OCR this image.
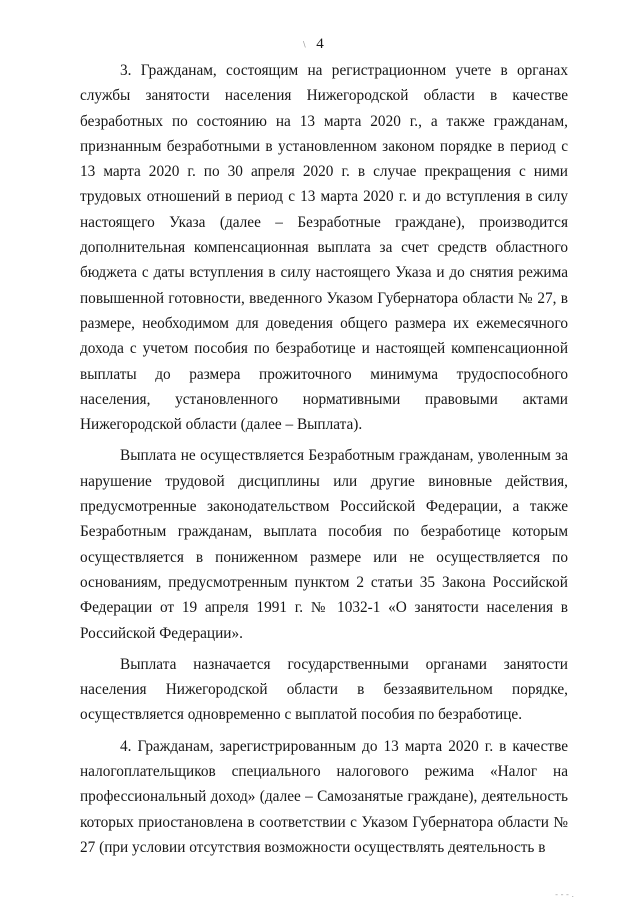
\ 4

3. Гражданам, состоящим на регистрационном учете в органах службы занятости населения Нижегородской области в качестве безработных по состоянию на 13 марта 2020 г., а также гражданам, признанным безработными в установленном законом порядке в период с 13 марта 2020 г. по 30 апреля 2020 г. в случае прекращения с ними трудовых отношений в период с 13 марта 2020 г. и до вступления в силу настоящего Указа (далее – Безработные граждане), производится дополнительная компенсационная выплата за счет средств областного бюджета с даты вступления в силу настоящего Указа и до снятия режима повышенной готовности, введенного Указом Губернатора области № 27, в размере, необходимом для доведения общего размера их ежемесячного дохода с учетом пособия по безработице и настоящей компенсационной выплаты до размера прожиточного минимума трудоспособного населения, установленного нормативными правовыми актами Нижегородской области (далее – Выплата).

Выплата не осуществляется Безработным гражданам, уволенным за нарушение трудовой дисциплины или другие виновные действия, предусмотренные законодательством Российской Федерации, а также Безработным гражданам, выплата пособия по безработице которым осуществляется в пониженном размере или не осуществляется по основаниям, предусмотренным пунктом 2 статьи 35 Закона Российской Федерации от 19 апреля 1991 г. № 1032-1 «О занятости населения в Российской Федерации».

Выплата назначается государственными органами занятости населения Нижегородской области в беззаявительном порядке, осуществляется одновременно с выплатой пособия по безработице.

4. Гражданам, зарегистрированным до 13 марта 2020 г. в качестве налогоплательщиков специального налогового режима «Налог на профессиональный доход» (далее – Самозанятые граждане), деятельность которых приостановлена в соответствии с Указом Губернатора области № 27 (при условии отсутствия возможности осуществлять деятельность в

- - - .
